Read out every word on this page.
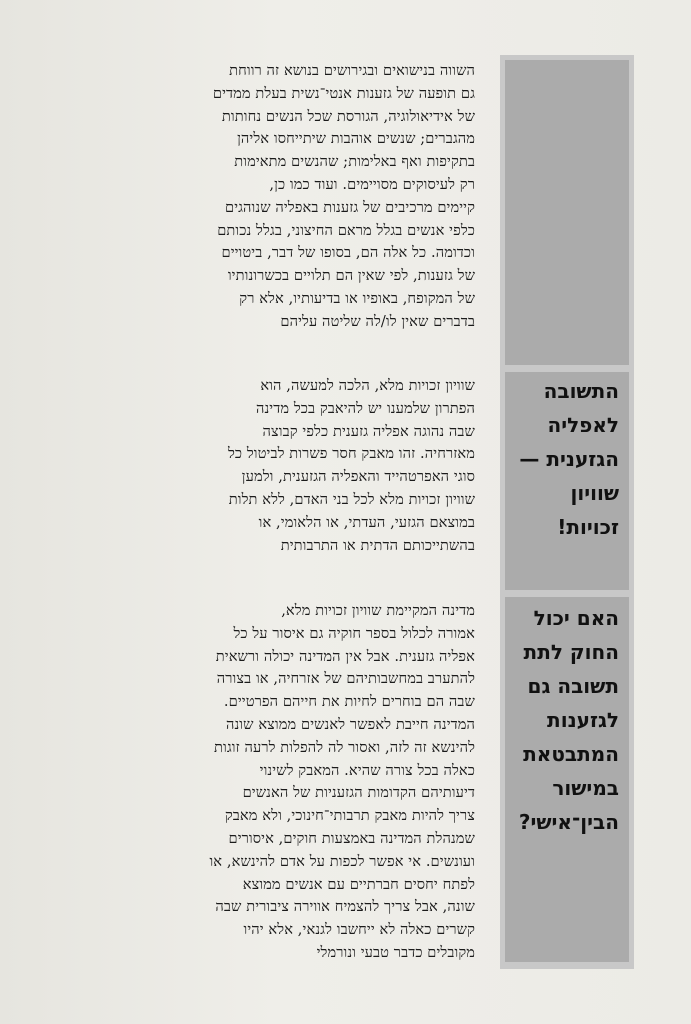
התשובה
לאפליה
הגזענית —
שוויון
זכויות!
האם יכול
החוק לתת
תשובה גם
לגזענות
המתבטאת
במישור
הבין־אישי?
השווה בנישואים ובגירושים בנושא זה רווחת
גם תופעה של גזענות אנטי־נשית בעלת ממדים
של אידיאולוגיה, הגורסת שכל הנשים נחותות
מהגברים; שנשים אוהבות שיתייחסו אליהן
בתקיפות ואף באלימות; שהנשים מתאימות
רק לעיסוקים מסויימים. ועוד כמו כן,
קיימים מרכיבים של גזענות באפליה שנוהגים
כלפי אנשים בגלל מראם החיצוני, בגלל נכותם
וכדומה. כל אלה הם, בסופו של דבר, ביטויים
של גזענות, לפי שאין הם תלויים בכשרונותיו
של המקופח, באופיו או בדיעותיו, אלא רק
בדברים שאין לו/לה שליטה עליהם
שוויון זכויות מלא, הלכה למעשה, הוא
הפתרון שלמענו יש להיאבק בכל מדינה
שבה נהוגה אפליה גזענית כלפי קבוצה
מאזרחיה. זהו מאבק חסר פשרות לביטול כל
סוגי האפרטהייד והאפליה הגזענית, ולמען
שוויון זכויות מלא לכל בני האדם, ללא תלות
במוצאם הגזעי, העדתי, או הלאומי, או
בהשתייכותם הדתית או התרבותית
מדינה המקיימת שוויון זכויות מלא,
אמורה לכלול בספר חוקיה גם איסור על כל
אפליה גזענית. אבל אין המדינה יכולה ורשאית
להתערב במחשבותיהם של אזרחיה, או בצורה
שבה הם בוחרים לחיות את חייהם הפרטיים.
המדינה חייבת לאפשר לאנשים ממוצא שונה
להינשא זה לזה, ואסור לה להפלות לרעה זוגות
כאלה בכל צורה שהיא. המאבק לשינוי
דיעותיהם הקדומות הגזעניות של האנשים
צריך להיות מאבק תרבותי־חינוכי, ולא מאבק
שמנהלת המדינה באמצעות חוקים, איסורים
ועונשים. אי אפשר לכפות על אדם להינשא, או
לפתח יחסים חברתיים עם אנשים ממוצא
שונה, אבל צריך להצמיח אווירה ציבורית שבה
קשרים כאלה לא ייחשבו לגנאי, אלא יהיו
מקובלים כדבר טבעי ונורמלי
